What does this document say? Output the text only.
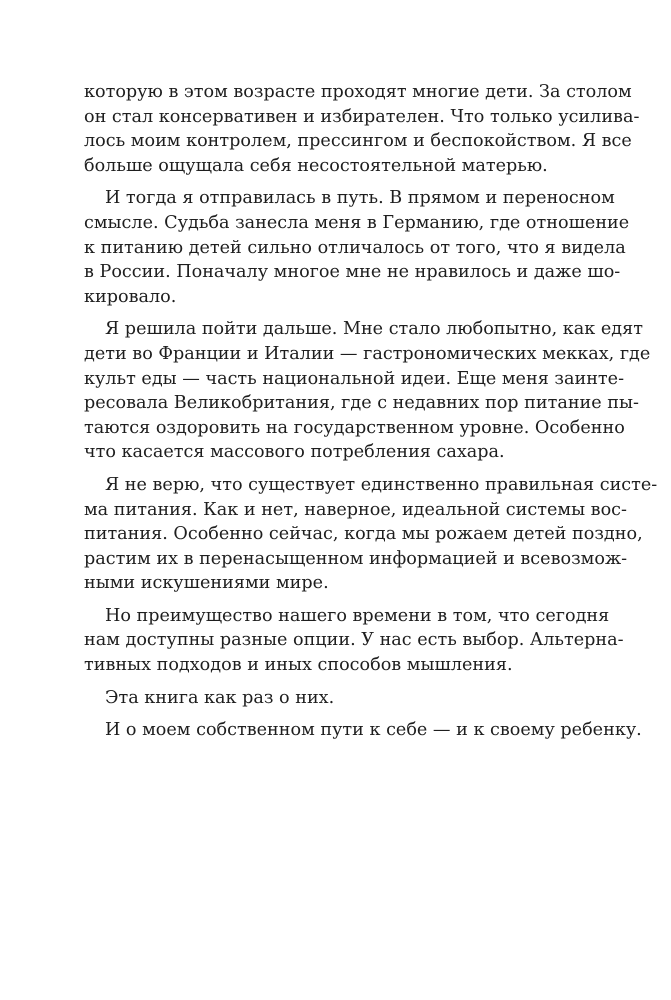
которую в этом возрасте проходят многие дети. За столом
он стал консервативен и избирателен. Что только усилива-
лось моим контролем, прессингом и беспокойством. Я все
больше ощущала себя несостоятельной матерью.
И тогда я отправилась в путь. В прямом и переносном
смысле. Судьба занесла меня в Германию, где отношение
к питанию детей сильно отличалось от того, что я видела
в России. Поначалу многое мне не нравилось и даже шо-
кировало.
Я решила пойти дальше. Мне стало любопытно, как едят
дети во Франции и Италии — гастрономических мекках, где
культ еды — часть национальной идеи. Еще меня заинте-
ресовала Великобритания, где с недавних пор питание пы-
таются оздоровить на государственном уровне. Особенно
что касается массового потребления сахара.
Я не верю, что существует единственно правильная систе-
ма питания. Как и нет, наверное, идеальной системы вос-
питания. Особенно сейчас, когда мы рожаем детей поздно,
растим их в перенасыщенном информацией и всевозмож-
ными искушениями мире.
Но преимущество нашего времени в том, что сегодня
нам доступны разные опции. У нас есть выбор. Альтерна-
тивных подходов и иных способов мышления.
Эта книга как раз о них.
И о моем собственном пути к себе — и к своему ребенку.
